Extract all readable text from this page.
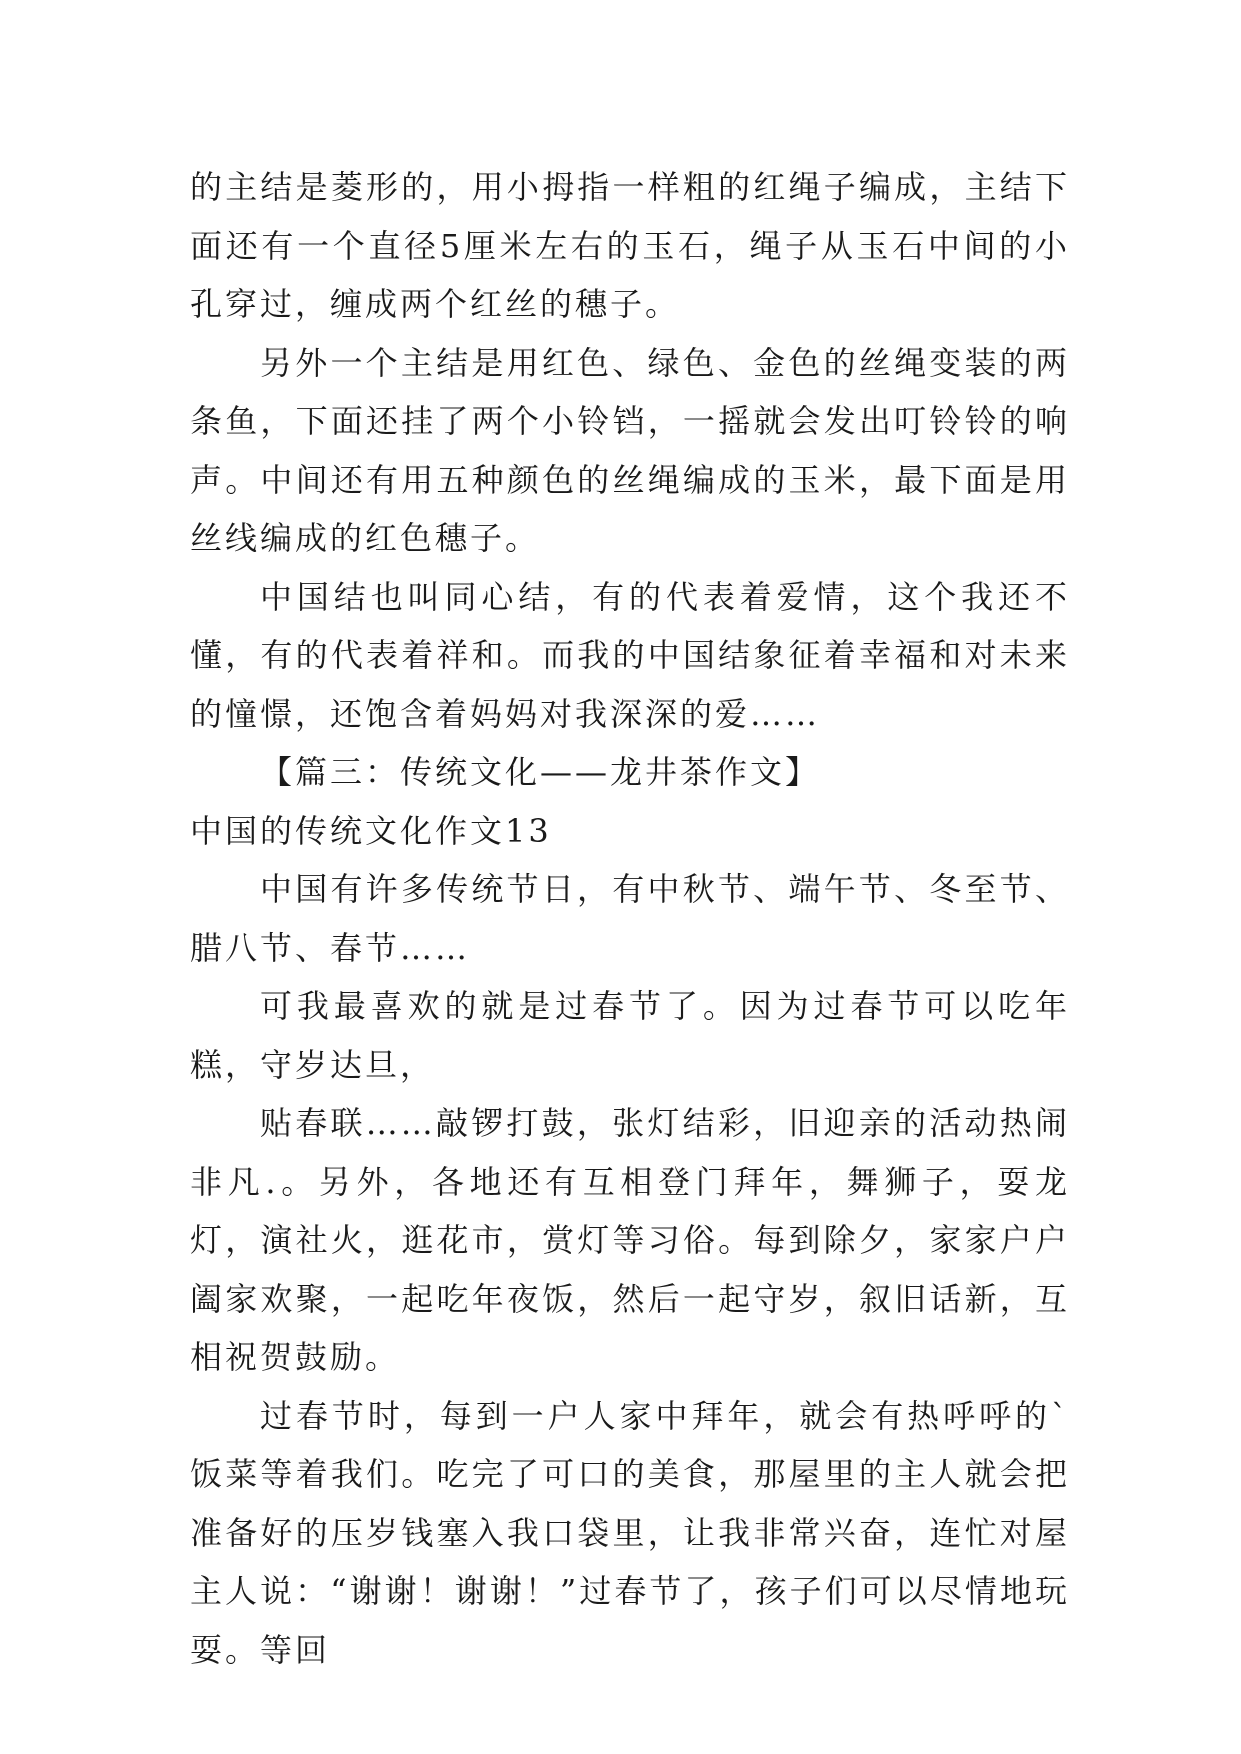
的主结是菱形的，用小拇指一样粗的红绳子编成，主结下面还有一个直径5厘米左右的玉石，绳子从玉石中间的小孔穿过，缠成两个红丝的穗子。

另外一个主结是用红色、绿色、金色的丝绳变装的两条鱼，下面还挂了两个小铃铛，一摇就会发出叮铃铃的响声。中间还有用五种颜色的丝绳编成的玉米，最下面是用丝线编成的红色穗子。

中国结也叫同心结，有的代表着爱情，这个我还不懂，有的代表着祥和。而我的中国结象征着幸福和对未来的憧憬，还饱含着妈妈对我深深的爱……

【篇三：传统文化——龙井茶作文】

中国的传统文化作文13

中国有许多传统节日，有中秋节、端午节、冬至节、腊八节、春节……

可我最喜欢的就是过春节了。因为过春节可以吃年糕，守岁达旦，

贴春联……敲锣打鼓，张灯结彩，旧迎亲的活动热闹非凡.。另外，各地还有互相登门拜年，舞狮子，耍龙灯，演社火，逛花市，赏灯等习俗。每到除夕，家家户户阖家欢聚，一起吃年夜饭，然后一起守岁，叙旧话新，互相祝贺鼓励。

过春节时，每到一户人家中拜年，就会有热呼呼的`饭菜等着我们。吃完了可口的美食，那屋里的主人就会把准备好的压岁钱塞入我口袋里，让我非常兴奋，连忙对屋主人说：“谢谢！谢谢！”过春节了，孩子们可以尽情地玩耍。等回
